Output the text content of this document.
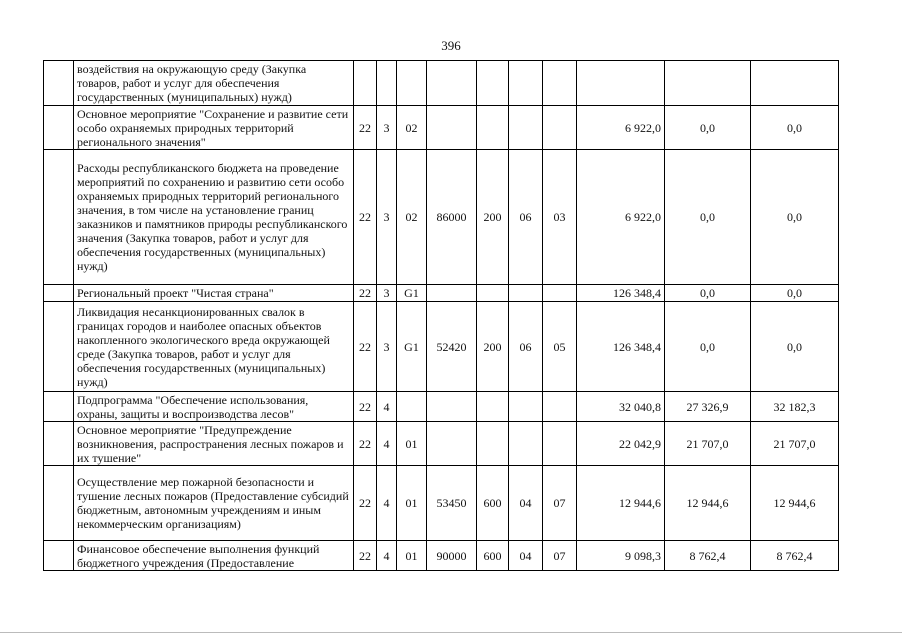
396
	воздействия на окружающую среду (Закупка товаров, работ и услуг для обеспечения государственных (муниципальных) нужд)										
	Основное мероприятие "Сохранение и развитие сети особо охраняемых природных территорий регионального значения"	22	3	02					6 922,0	0,0	0,0
	Расходы республиканского бюджета на проведение мероприятий по сохранению и развитию сети особо охраняемых природных территорий регионального значения, в том числе на установление границ заказников и памятников природы республиканского значения (Закупка товаров, работ и услуг для обеспечения государственных (муниципальных) нужд)	22	3	02	86000	200	06	03	6 922,0	0,0	0,0
	Региональный проект "Чистая страна"	22	3	G1					126 348,4	0,0	0,0
	Ликвидация несанкционированных свалок в границах городов и наиболее опасных объектов накопленного экологического вреда окружающей среде (Закупка товаров, работ и услуг для обеспечения государственных (муниципальных) нужд)	22	3	G1	52420	200	06	05	126 348,4	0,0	0,0
	Подпрограмма "Обеспечение использования, охраны, защиты и воспроизводства лесов"	22	4						32 040,8	27 326,9	32 182,3
	Основное мероприятие "Предупреждение возникновения, распространения лесных пожаров и их тушение"	22	4	01					22 042,9	21 707,0	21 707,0
	Осуществление мер пожарной безопасности и тушение лесных пожаров (Предоставление субсидий бюджетным, автономным учреждениям и иным некоммерческим организациям)	22	4	01	53450	600	04	07	12 944,6	12 944,6	12 944,6
	Финансовое обеспечение выполнения функций бюджетного учреждения (Предоставление	22	4	01	90000	600	04	07	9 098,3	8 762,4	8 762,4
